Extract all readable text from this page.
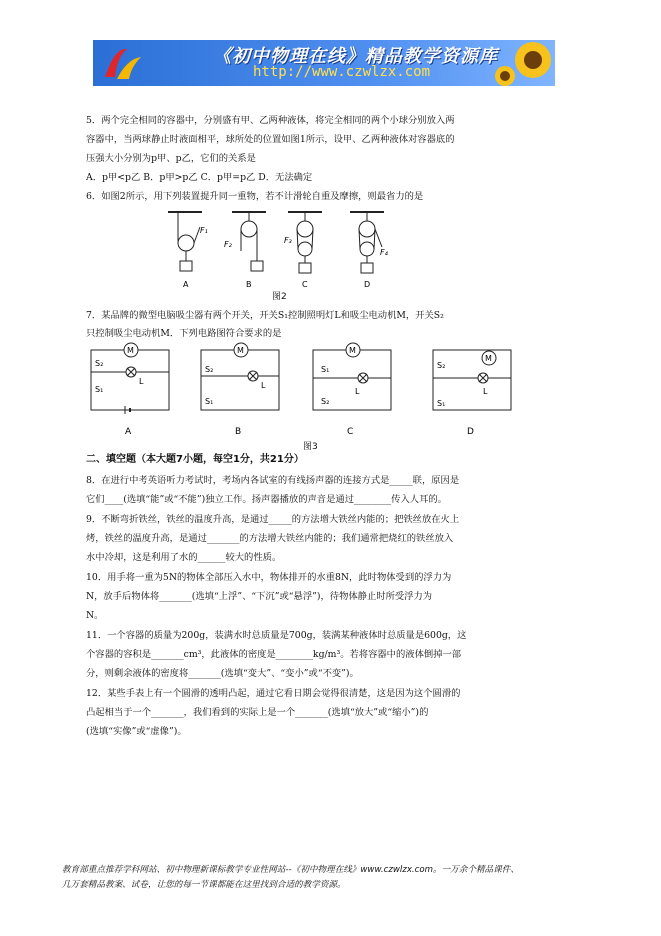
《初中物理在线》精品教学资源库
http://www.czwlzx.com
5．两个完全相同的容器中，分别盛有甲、乙两种液体，将完全相同的两个小球分别放入两
容器中，当两球静止时液面相平，球所处的位置如图1所示，设甲、乙两种液体对容器底的
压强大小分别为p甲、p乙，它们的关系是
A．p甲<p乙 B．p甲>p乙 C．p甲=p乙 D．无法确定
6．如图2所示，用下列装置提升同一重物，若不计滑轮自重及摩擦，则最省力的是
F₁
F₂	F₃
F₄
A	B	C	D
图2
7．某品牌的微型电脑吸尘器有两个开关，开关S₁控制照明灯L和吸尘电动机M，开关S₂
只控制吸尘电动机M．下列电路图符合要求的是
M
L
S₂
S₁
A
M
L
S₂
S₁
B
M
L
S₁
S₂
C
M
L
S₂
S₁
D
图3
二、填空题（本大题7小题，每空1分，共21分）
8．在进行中考英语听力考试时，考场内各试室的有线扬声器的连接方式是_____联，原因是
它们____(选填“能”或“不能”)独立工作。扬声器播放的声音是通过________传入人耳的。
9．不断弯折铁丝，铁丝的温度升高，是通过_____的方法增大铁丝内能的；把铁丝放在火上
烤，铁丝的温度升高，是通过_______的方法增大铁丝内能的；我们通常把烧红的铁丝放入
水中冷却，这是利用了水的______较大的性质。
10．用手将一重为5N的物体全部压入水中，物体排开的水重8N，此时物体受到的浮力为
N，放手后物体将_______(选填“上浮”、“下沉”或“悬浮”)，待物体静止时所受浮力为
N。
11．一个容器的质量为200g，装满水时总质量是700g，装满某种液体时总质量是600g，这
个容器的容积是_______cm³，此液体的密度是________kg/m³。若将容器中的液体倒掉一部
分，则剩余液体的密度将_______(选填“变大”、“变小”或“不变”)。
12．某些手表上有一个圆滑的透明凸起，通过它看日期会觉得很清楚，这是因为这个圆滑的
凸起相当于一个_______，我们看到的实际上是一个_______(选填“放大”或“缩小”)的
(选填“实像”或“虚像”)。
教育部重点推荐学科网站、初中物理新课标教学专业性网站--《初中物理在线》www.czwlzx.com。一万余个精品课件、
几万套精品教案、试卷，让您的每一节课都能在这里找到合适的教学资源。
